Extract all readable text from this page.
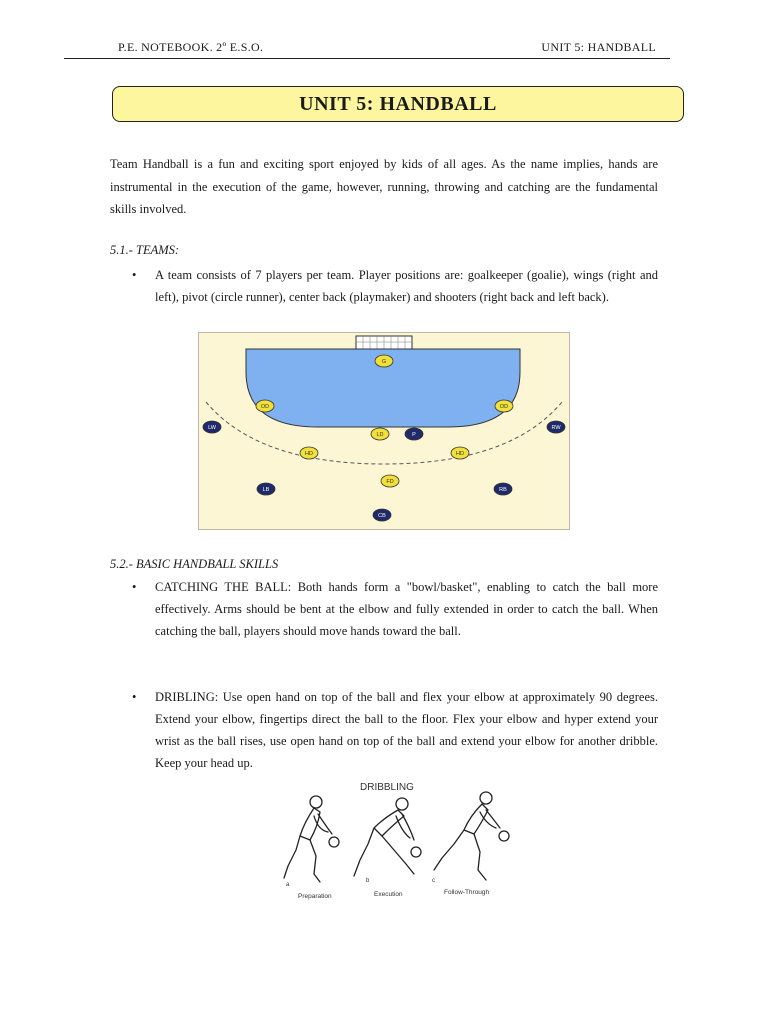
P.E. NOTEBOOK. 2º E.S.O.	UNIT 5: HANDBALL
UNIT 5: HANDBALL
Team Handball is a fun and exciting sport enjoyed by kids of all ages. As the name implies, hands are instrumental in the execution of the game, however, running, throwing and catching are the fundamental skills involved.
5.1.- TEAMS:
• A team consists of 7 players per team. Player positions are: goalkeeper (goalie), wings (right and left), pivot (circle runner), center back (playmaker) and shooters (right back and left back).
G
OD	OD
LW	RW
LD	P
HD	HD
FD
LB	RB
CB
5.2.- BASIC HANDBALL SKILLS
• CATCHING THE BALL: Both hands form a "bowl/basket", enabling to catch the ball more effectively. Arms should be bent at the elbow and fully extended in order to catch the ball. When catching the ball, players should move hands toward the ball.
• DRIBLING: Use open hand on top of the ball and flex your elbow at approximately 90 degrees. Extend your elbow, fingertips direct the ball to the floor. Flex your elbow and hyper extend your wrist as the ball rises, use open hand on top of the ball and extend your elbow for another dribble. Keep your head up.
DRIBBLING
a
b	c
Preparation	Execution	Follow-Through
